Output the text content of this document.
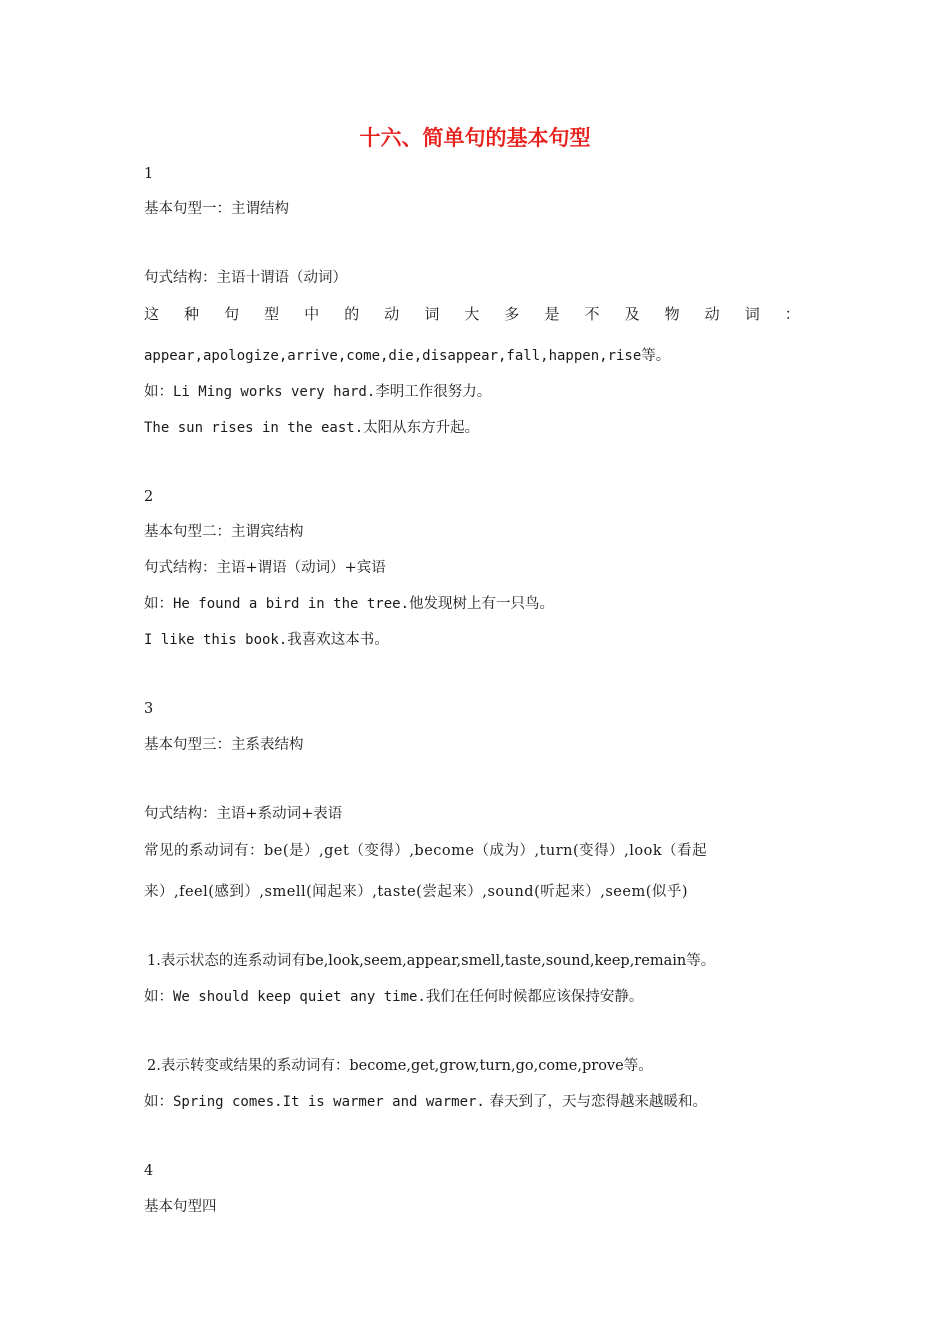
十六、简单句的基本句型
1
基本句型一：主谓结构
句式结构：主语十谓语（动词）
这 种 句 型 中 的 动 词 大 多 是 不 及 物 动 词 ：
appear,apologize,arrive,come,die,disappear,fall,happen,rise等。
如：Li Ming works very hard.李明工作很努力。
The sun rises in the east.太阳从东方升起。
2
基本句型二：主谓宾结构
句式结构：主语+谓语（动词）+宾语
如：He found a bird in the tree.他发现树上有一只鸟。
I like this book.我喜欢这本书。
3
基本句型三：主系表结构
句式结构：主语+系动词+表语
常见的系动词有：be(是）,get（变得）,become（成为）,turn(变得）,look（看起
来）,feel(感到）,smell(闻起来）,taste(尝起来）,sound(听起来）,seem(似乎)
1.表示状态的连系动词有be,look,seem,appear,smell,taste,sound,keep,remain等。
如：We should keep quiet any time.我们在任何时候都应该保持安静。
2.表示转变或结果的系动词有：become,get,grow,turn,go,come,prove等。
如：Spring comes.It is warmer and warmer. 春天到了，天与恋得越来越暖和。
4
基本句型四
